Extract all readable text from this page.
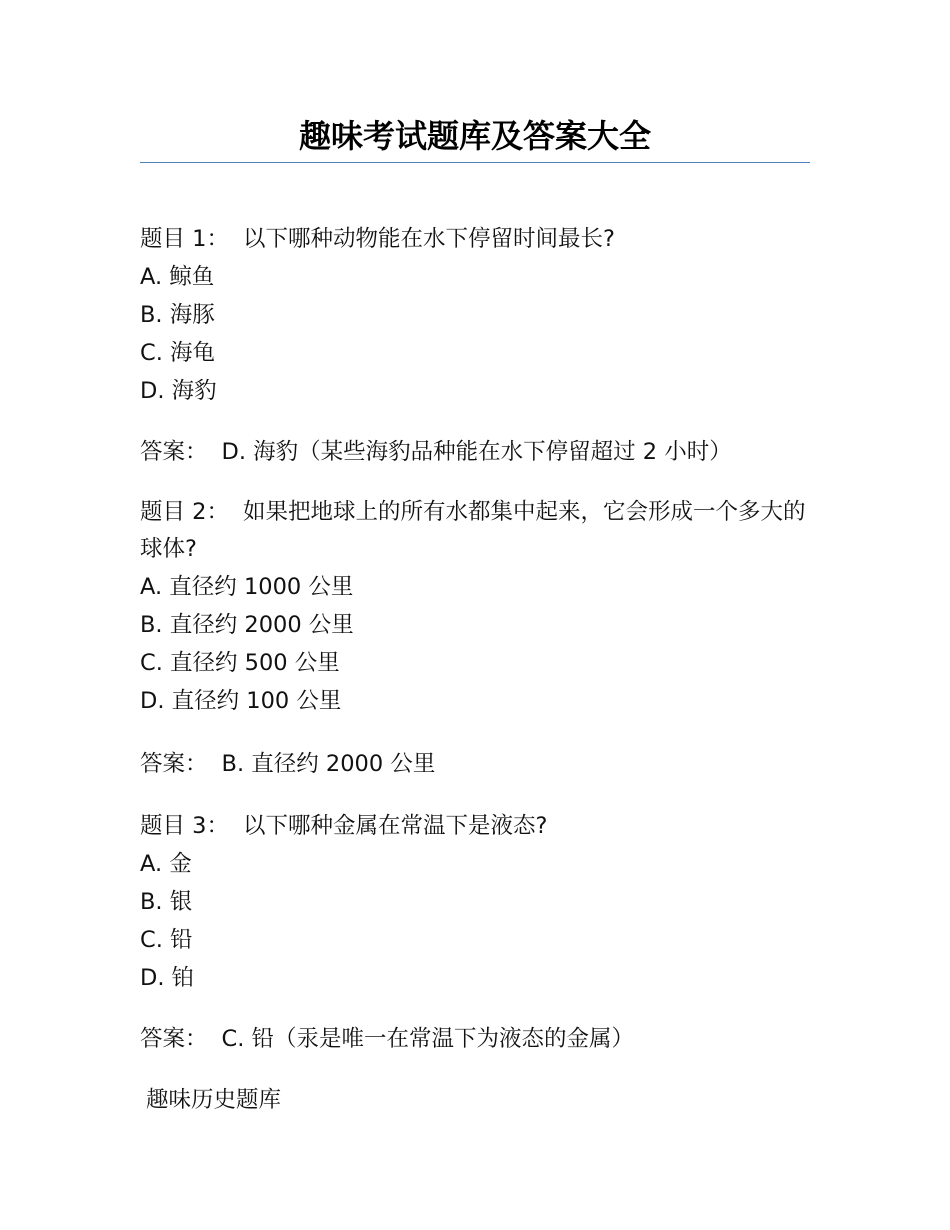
趣味考试题库及答案大全
题目 1： 以下哪种动物能在水下停留时间最长?
A. 鲸鱼
B. 海豚
C. 海龟
D. 海豹
答案： D. 海豹（某些海豹品种能在水下停留超过 2 小时）
题目 2： 如果把地球上的所有水都集中起来，它会形成一个多大的球体?
A. 直径约 1000 公里
B. 直径约 2000 公里
C. 直径约 500 公里
D. 直径约 100 公里
答案： B. 直径约 2000 公里
题目 3： 以下哪种金属在常温下是液态?
A. 金
B. 银
C. 铅
D. 铂
答案： C. 铅（汞是唯一在常温下为液态的金属）
趣味历史题库
